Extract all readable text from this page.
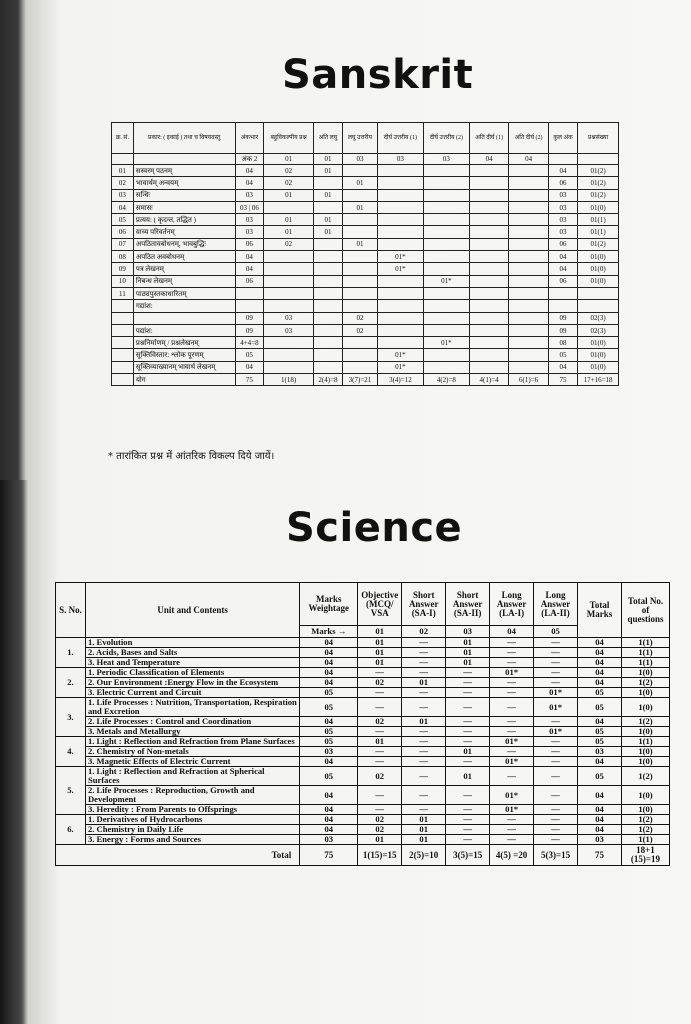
Sanskrit
क्र. सं.	प्रकार: ( इकाई ) तथा च विषयवस्तु	अंकभार	बहुविकल्पीय प्रश्न	अति लघु	लघु उत्तरीय	दीर्घ उत्तरीय (1)	दीर्घ उत्तरीय (2)	अति दीर्घ (1)	अति दीर्घ (2)	कुल अंक	प्रश्नसंख्या
		अंक 2	01	01	03	03	03	04	04		
01	सस्वरम् पठनम्	04	02	01						04	01(2)
02	भावार्थम् अन्वयम्	04	02		01					06	01(2)
03	सन्धिः	03	01	01						03	01(2)
04	समासः	03 | 06			01					03	01(0)
05	प्रत्यय: ( कृदन्त, तद्धित )	03	01	01						03	01(1)
06	वाच्य परिवर्तनम्	03	01	01						03	01(1)
07	अपठितावबोधनम्, भावबुद्धिः	06	02		01					06	01(2)
08	अपठित अवबोधनम्	04				01*				04	01(0)
09	पत्र लेखनम्	04				01*				04	01(0)
10	निबन्ध लेखनम्	06					01*			06	01(0)
11	पाठ्यपुस्तकाधारितम्										
	गद्यांश:										
		09	03		02					09	02(3)
	पद्यांश:	09	03		02					09	02(3)
	प्रश्ननिर्माणम् / प्रश्नलेखनम्	4+4=8					01*			08	01(0)
	सूक्तिविस्तार: श्लोक पूरणम्	05				01*				05	01(0)
	सूक्तिव्याख्यानम् भावार्थ लेखनम्	04				01*				04	01(0)
	योग	75	1(18)	2(4)=8	3(7)=21	3(4)=12	4(2)=8	4(1)=4	6(1)=6	75	17+16=18
* तारांकित प्रश्न में आंतरिक विकल्प दिये जायें।
Science
S. No.	Unit and Contents	Marks Weightage	Objective (MCQ/ VSA	Short Answer (SA-I)	Short Answer (SA-II)	Long Answer (LA-I)	Long Answer (LA-II)	Total Marks	Total No. of questions
		Marks →	01	02	03	04	05		
1.	1. Evolution	04	01	—	01	—	—	04	1(1)
	2. Acids, Bases and Salts	04	01	—	01	—	—	04	1(1)
	3. Heat and Temperature	04	01	—	01	—	—	04	1(1)
2.	1. Periodic Classification of Elements	04	—	—	—	01*	—	04	1(0)
	2. Our Environment :Energy Flow in the Ecosystem	04	02	01	—	—	—	04	1(2)
	3. Electric Current and Circuit	05	—	—	—	—	01*	05	1(0)
3.	1. Life Processes : Nutrition, Transportation, Respiration and Excretion	05	—	—	—	—	01*	05	1(0)
	2. Life Processes : Control and Coordination	04	02	01	—	—	—	04	1(2)
	3. Metals and Metallurgy	05	—	—	—	—	01*	05	1(0)
4.	1. Light : Reflection and Refraction from Plane Surfaces	05	01	—	—	01*	—	05	1(1)
	2. Chemistry of Non-metals	03	—	—	01	—	—	03	1(0)
	3. Magnetic Effects of Electric Current	04	—	—	—	01*	—	04	1(0)
5.	1. Light : Reflection and Refraction at Spherical Surfaces	05	02	—	01	—	—	05	1(2)
	2. Life Processes : Reproduction, Growth and Development	04	—	—	—	01*	—	04	1(0)
	3. Heredity : From Parents to Offsprings	04	—	—	—	01*	—	04	1(0)
6.	1. Derivatives of Hydrocarbons	04	02	01	—	—	—	04	1(2)
	2. Chemistry in Daily Life	04	02	01	—	—	—	04	1(2)
	3. Energy : Forms and Sources	03	01	01	—	—	—	03	1(1)
Total		75	1(15)=15	2(5)=10	3(5)=15	4(5) =20	5(3)=15	75	18+1 (15)=19
